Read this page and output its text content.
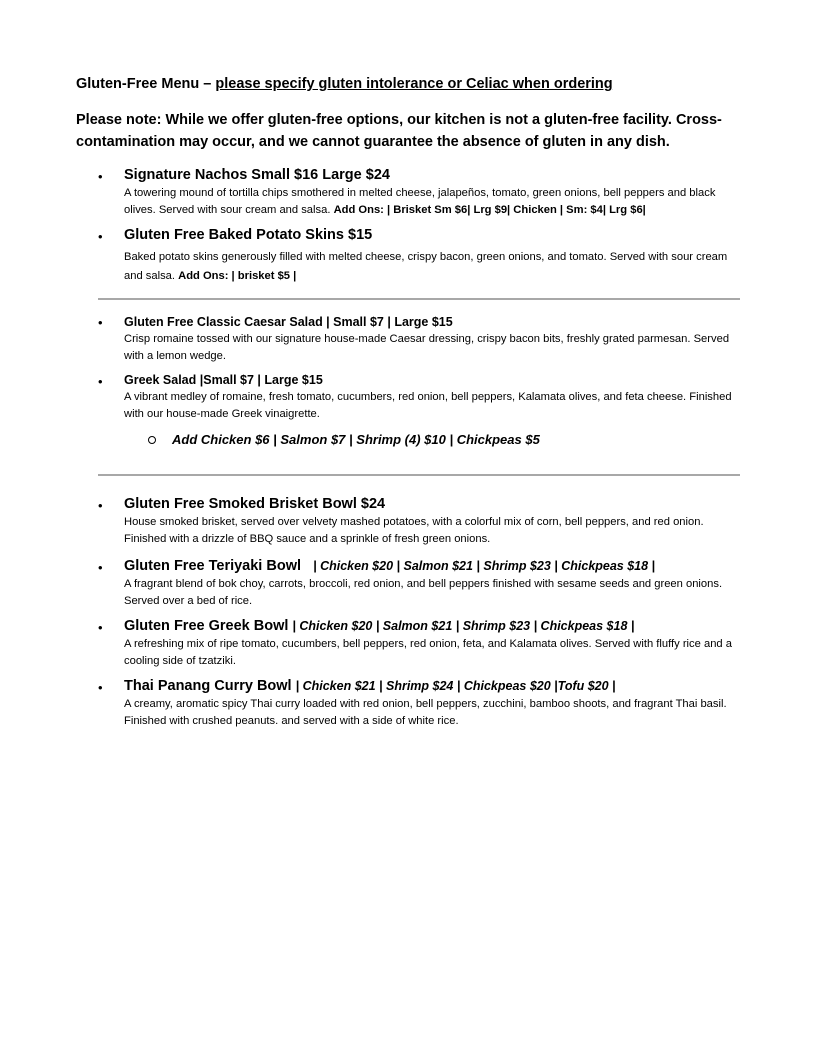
Gluten-Free Menu – please specify gluten intolerance or Celiac when ordering
Please note: While we offer gluten-free options, our kitchen is not a gluten-free facility. Cross-contamination may occur, and we cannot guarantee the absence of gluten in any dish.
• Signature Nachos Small $16 Large $24
A towering mound of tortilla chips smothered in melted cheese, jalapeños, tomato, green onions, bell peppers and black olives. Served with sour cream and salsa. Add Ons: | Brisket Sm $6| Lrg $9| Chicken | Sm: $4| Lrg $6|
• Gluten Free Baked Potato Skins $15
Baked potato skins generously filled with melted cheese, crispy bacon, green onions, and tomato. Served with sour cream and salsa. Add Ons: | brisket $5 |
• Gluten Free Classic Caesar Salad | Small $7 | Large $15
Crisp romaine tossed with our signature house-made Caesar dressing, crispy bacon bits, freshly grated parmesan. Served with a lemon wedge.
• Greek Salad |Small $7 | Large $15
A vibrant medley of romaine, fresh tomato, cucumbers, red onion, bell peppers, Kalamata olives, and feta cheese. Finished with our house-made Greek vinaigrette.
Add Chicken $6 | Salmon $7 | Shrimp (4) $10 | Chickpeas $5
• Gluten Free Smoked Brisket Bowl $24
House smoked brisket, served over velvety mashed potatoes, with a colorful mix of corn, bell peppers, and red onion. Finished with a drizzle of BBQ sauce and a sprinkle of fresh green onions.
• Gluten Free Teriyaki Bowl | Chicken $20 | Salmon $21 | Shrimp $23 | Chickpeas $18 |
A fragrant blend of bok choy, carrots, broccoli, red onion, and bell peppers finished with sesame seeds and green onions. Served over a bed of rice.
• Gluten Free Greek Bowl | Chicken $20 | Salmon $21 | Shrimp $23 | Chickpeas $18 |
A refreshing mix of ripe tomato, cucumbers, bell peppers, red onion, feta, and Kalamata olives. Served with fluffy rice and a cooling side of tzatziki.
• Thai Panang Curry Bowl | Chicken $21 | Shrimp $24 | Chickpeas $20 |Tofu $20 |
A creamy, aromatic spicy Thai curry loaded with red onion, bell peppers, zucchini, bamboo shoots, and fragrant Thai basil. Finished with crushed peanuts. and served with a side of white rice.
